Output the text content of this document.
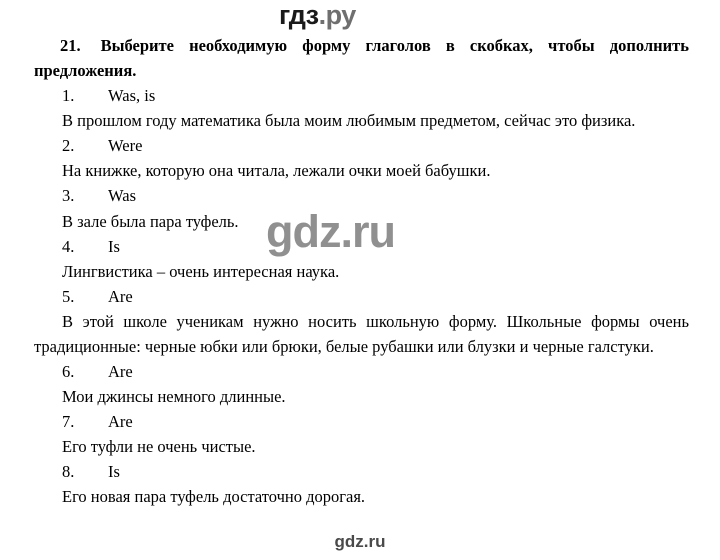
гдз.ру

21. Выберите необходимую форму глаголов в скобках, чтобы дополнить предложения.

1. Was, is
В прошлом году математика была моим любимым предметом, сейчас это физика.
2. Were
На книжке, которую она читала, лежали очки моей бабушки.
3. Was
В зале была пара туфель.
4. Is
Лингвистика – очень интересная наука.
5. Are
В этой школе ученикам нужно носить школьную форму. Школьные формы очень традиционные: черные юбки или брюки, белые рубашки или блузки и черные галстуки.
6. Are
Мои джинсы немного длинные.
7. Are
Его туфли не очень чистые.
8. Is
Его новая пара туфель достаточно дорогая.
gdz.ru
gdz.ru
